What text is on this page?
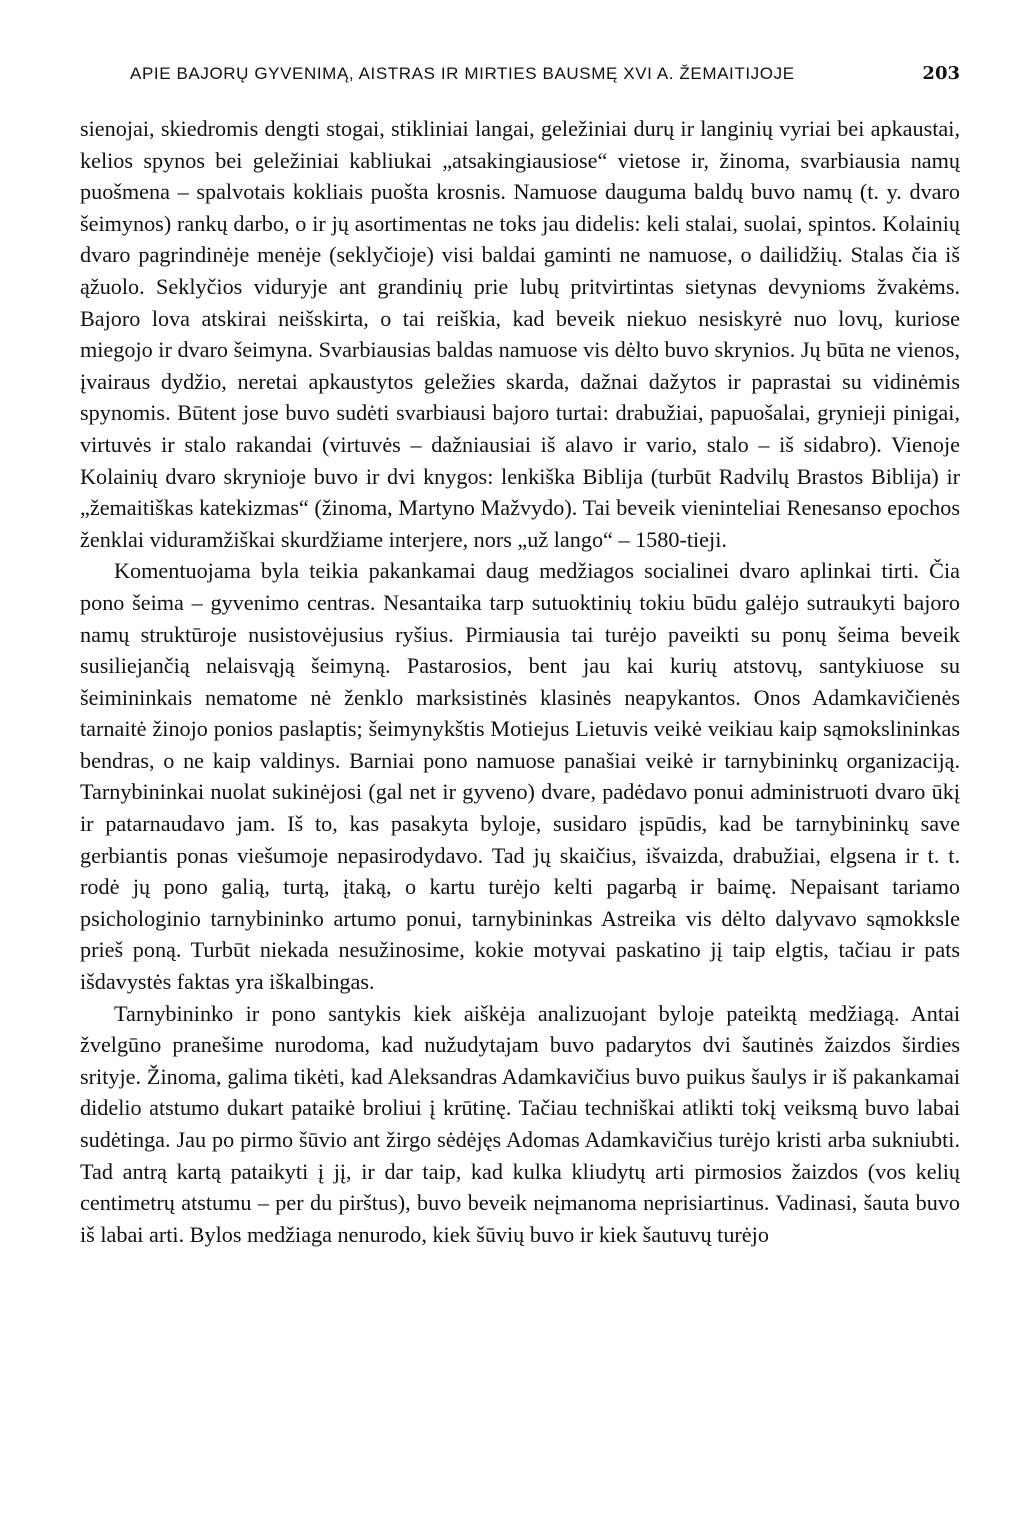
APIE BAJORŲ GYVENIMĄ, AISTRAS IR MIRTIES BAUSMĘ XVI A. ŽEMAITIJOJE	203

sienojai, skiedromis dengti stogai, stikliniai langai, geležiniai durų ir langinių vyriai bei apkaustai, kelios spynos bei geležiniai kabliukai „atsakingiausiose“ vietose ir, žinoma, svarbiausia namų puošmena – spalvotais kokliais puošta krosnis. Namuose dauguma baldų buvo namų (t. y. dvaro šeimynos) rankų darbo, o ir jų asortimentas ne toks jau didelis: keli stalai, suolai, spintos. Kolainių dvaro pagrindinėje menėje (seklyčioje) visi baldai gaminti ne namuose, o dailidžių. Stalas čia iš ąžuolo. Seklyčios viduryje ant grandinių prie lubų pritvirtintas sietynas devynioms žvakėms. Bajoro lova atskirai neišskirta, o tai reiškia, kad beveik niekuo nesiskyrė nuo lovų, kuriose miegojo ir dvaro šeimyna. Svarbiausias baldas namuose vis dėlto buvo skrynios. Jų būta ne vienos, įvairaus dydžio, neretai apkaustytos geležies skarda, dažnai dažytos ir paprastai su vidinėmis spynomis. Būtent jose buvo sudėti svarbiausi bajoro turtai: drabužiai, papuošalai, grynieji pinigai, virtuvės ir stalo rakandai (virtuvės – dažniausiai iš alavo ir vario, stalo – iš sidabro). Vienoje Kolainių dvaro skrynioje buvo ir dvi knygos: lenkiška Biblija (turbūt Radvilų Brastos Biblija) ir „žemaitiškas katekizmas“ (žinoma, Martyno Mažvydo). Tai beveik vieninteliai Renesanso epochos ženklai viduramžiškai skurdžiame interjere, nors „už lango“ – 1580-tieji.

Komentuojama byla teikia pakankamai daug medžiagos socialinei dvaro aplinkai tirti. Čia pono šeima – gyvenimo centras. Nesantaika tarp sutuoktinių tokiu būdu galėjo sutraukyti bajoro namų struktūroje nusistovėjusius ryšius. Pirmiausia tai turėjo paveikti su ponų šeima beveik susiliejančią nelaisvąją šeimyną. Pastarosios, bent jau kai kurių atstovų, santykiuose su šeimininkais nematome nė ženklo marksistinės klasinės neapykantos. Onos Adamkavičienės tarnaitė žinojo ponios paslaptis; šeimynykštis Motiejus Lietuvis veikė veikiau kaip sąmokslininkas bendras, o ne kaip valdinys. Barniai pono namuose panašiai veikė ir tarnybininkų organizaciją. Tarnybininkai nuolat sukinėjosi (gal net ir gyveno) dvare, padėdavo ponui administruoti dvaro ūkį ir patarnaudavo jam. Iš to, kas pasakyta byloje, susidaro įspūdis, kad be tarnybininkų save gerbiantis ponas viešumoje nepasirodydavo. Tad jų skaičius, išvaizda, drabužiai, elgsena ir t. t. rodė jų pono galią, turtą, įtaką, o kartu turėjo kelti pagarbą ir baimę. Nepaisant tariamo psichologinio tarnybininko artumo ponui, tarnybininkas Astreika vis dėlto dalyvavo sąmokksle prieš poną. Turbūt niekada nesužinosime, kokie motyvai paskatino jį taip elgtis, tačiau ir pats išdavystės faktas yra iškalbingas.

Tarnybininko ir pono santykis kiek aiškėja analizuojant byloje pateiktą medžiagą. Antai žvelgūno pranešime nurodoma, kad nužudytajam buvo padarytos dvi šautinės žaizdos širdies srityje. Žinoma, galima tikėti, kad Aleksandras Adamkavičius buvo puikus šaulys ir iš pakankamai didelio atstumo dukart pataikė broliui į krūtinę. Tačiau techniškai atlikti tokį veiksmą buvo labai sudėtinga. Jau po pirmo šūvio ant žirgo sėdėjęs Adomas Adamkavičius turėjo kristi arba sukniubti. Tad antrą kartą pataikyti į jį, ir dar taip, kad kulka kliudytų arti pirmosios žaizdos (vos kelių centimetrų atstumu – per du pirštus), buvo beveik neįmanoma neprisiartinus. Vadinasi, šauta buvo iš labai arti. Bylos medžiaga nenurodo, kiek šūvių buvo ir kiek šautuvų turėjo
